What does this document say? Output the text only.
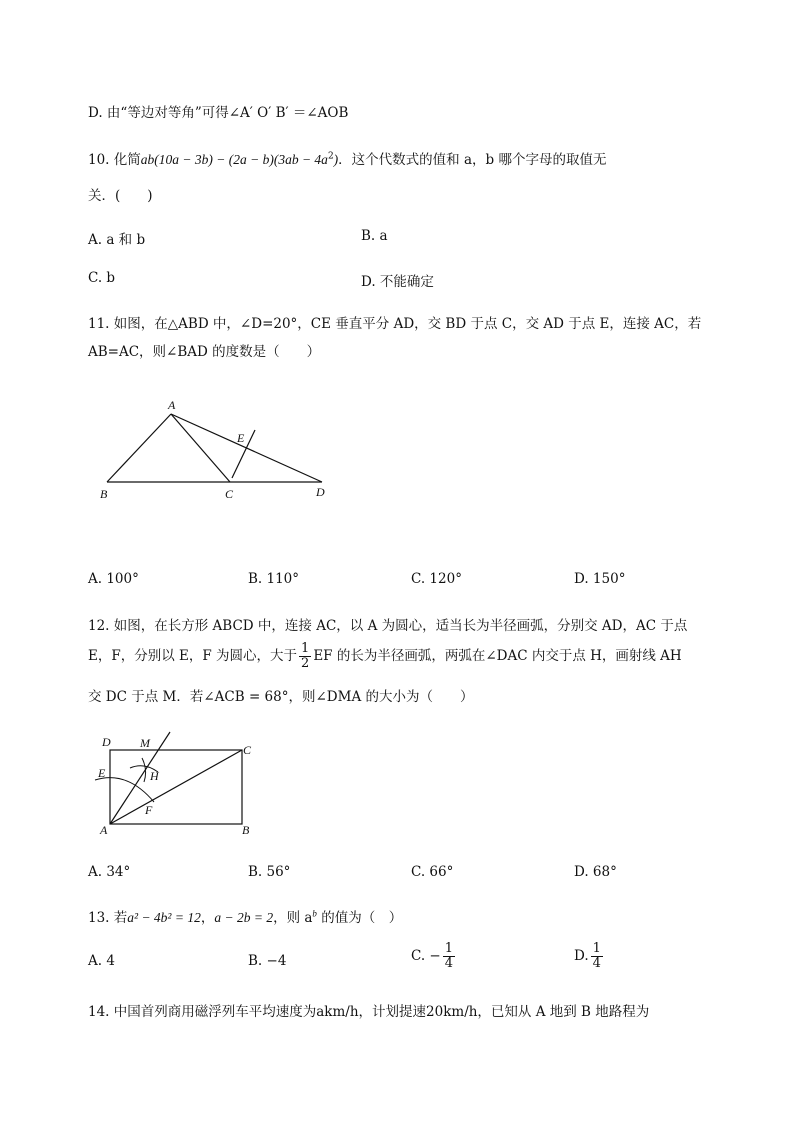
D. 由“等边对等角”可得∠A′ O′ B′ ＝∠AOB
10. 化简$ab(10a - 3b) - (2a - b)(3ab - 4a^2)$．这个代数式的值和 a，b 哪个字母的取值无
关．(　　)
A. a 和 b	B. a
C. b	D. 不能确定
11. 如图，在△ABD 中，∠D=20°，CE 垂直平分 AD，交 BD 于点 C，交 AD 于点 E，连接 AC，若
AB=AC，则∠BAD 的度数是（　　）
A
B	C	D
E
A. 100°	B. 110°	C. 120°	D. 150°
12. 如图，在长方形 ABCD 中，连接 AC，以 A 为圆心，适当长为半径画弧，分别交 AD，AC 于点
E，F，分别以 E，F 为圆心，大于 $\frac{1}{2}$ EF 的长为半径画弧，两弧在∠DAC 内交于点 H，画射线 AH
交 DC 于点 M．若∠ACB = 68°，则∠DMA 的大小为（　　）
D M	C
E	H
F
A	B
A. 34°	B. 56°	C. 66°	D. 68°
13. 若a² − 4b² = 12，a − 2b = 2，则 $a^b$ 的值为（　）
A. 4	B. −4	C. − $\frac{1}{4}$	D. $\frac{1}{4}$
14. 中国首列商用磁浮列车平均速度为akm/h，计划提速20km/h，已知从 A 地到 B 地路程为
